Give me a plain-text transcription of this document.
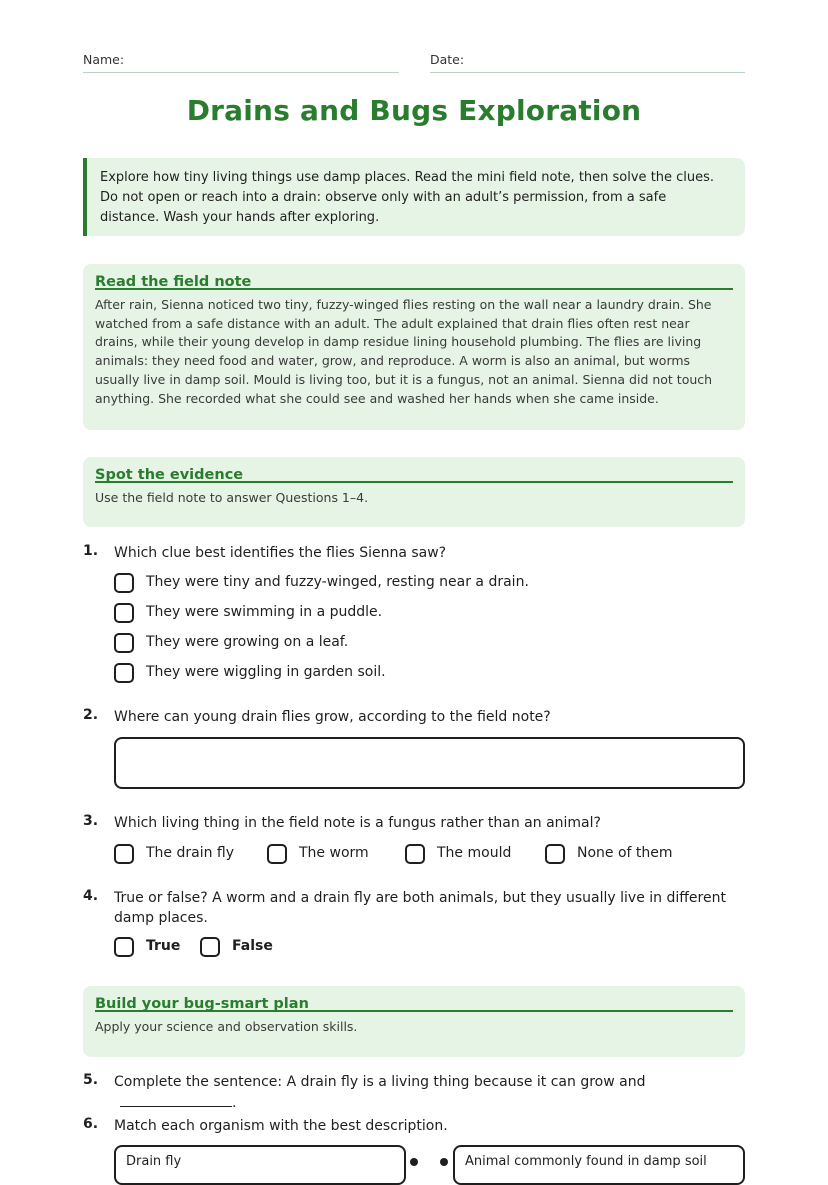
Name:	Date:
Drains and Bugs Exploration
Explore how tiny living things use damp places. Read the mini field note, then solve the clues. Do not open or reach into a drain: observe only with an adult’s permission, from a safe distance. Wash your hands after exploring.
Read the field note
After rain, Sienna noticed two tiny, fuzzy-winged flies resting on the wall near a laundry drain. She watched from a safe distance with an adult. The adult explained that drain flies often rest near drains, while their young develop in damp residue lining household plumbing. The flies are living animals: they need food and water, grow, and reproduce. A worm is also an animal, but worms usually live in damp soil. Mould is living too, but it is a fungus, not an animal. Sienna did not touch anything. She recorded what she could see and washed her hands when she came inside.
Spot the evidence
Use the field note to answer Questions 1–4.
1. Which clue best identifies the flies Sienna saw?
They were tiny and fuzzy-winged, resting near a drain.
They were swimming in a puddle.
They were growing on a leaf.
They were wiggling in garden soil.
2. Where can young drain flies grow, according to the field note?
3. Which living thing in the field note is a fungus rather than an animal?
The drain fly	The worm	The mould	None of them
4. True or false? A worm and a drain fly are both animals, but they usually live in different damp places.
True	False
Build your bug-smart plan
Apply your science and observation skills.
5. Complete the sentence: A drain fly is a living thing because it can grow and.
6. Match each organism with the best description.
Drain fly	Animal commonly found in damp soil
